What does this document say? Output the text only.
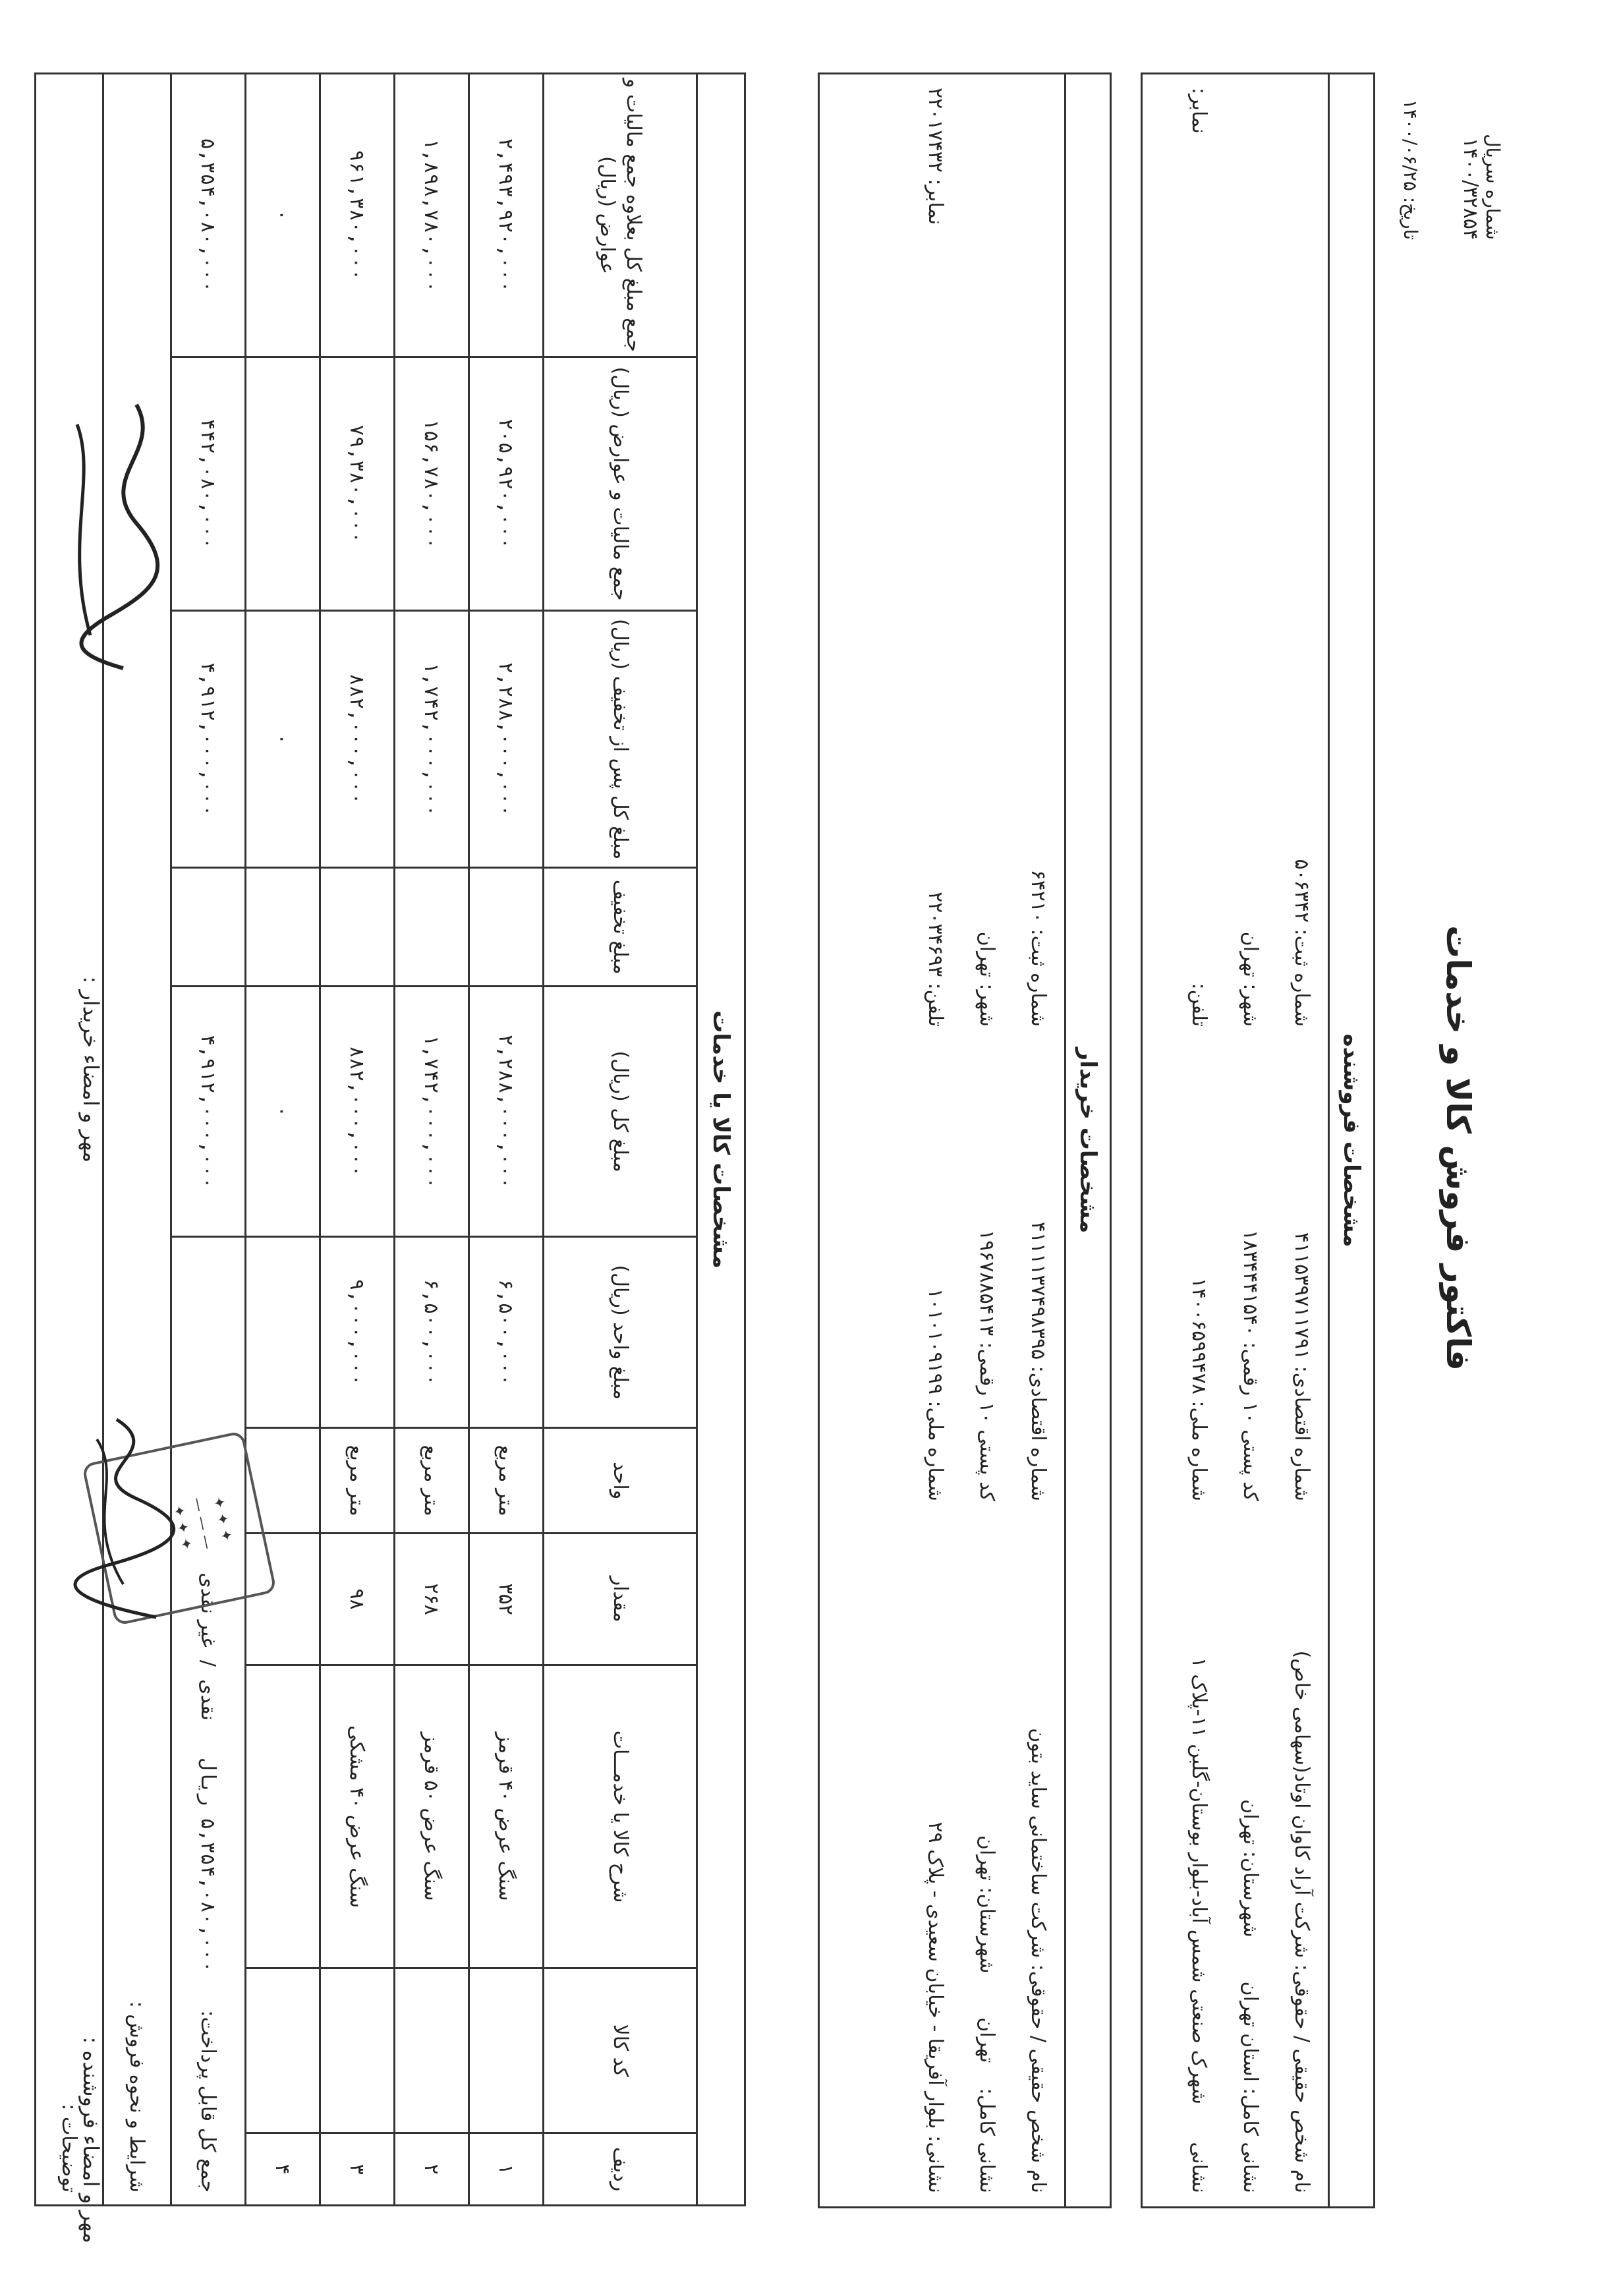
فاکتور فروش کالا و خدمات
شماره سریال
۱۴۰۰/۳۲۸۵۴
تاریخ: ۱۴۰۰/۰۶/۲۵
مشخصات فروشنده
نام شخص حقیقی / حقوقی: شرکت آراد کاوان اوتاد(سهامی خاص)
شماره اقتصادی: ۴۱۱۵۳۹۷۱۱۷۹۱
شماره ثبت: ۵۰۶۳۴۲
نشانی کامل: استان تهران       شهرستان: تهران
کد پستی ۱۰ رقمی: ۱۸۳۴۴۴۱۵۴۰
شهر: تهران
نشانی      شهرک صنعتی شمس آباد-بلوار بوستان-گلبن ۱۱-پلاک ۱
شماره ملی: ۱۴۰۰۶۵۹۹۴۷۸
تلفن:
نمابر:
مشخصات خریدار
نام شخص حقیقی / حقوقی: شرکت ساختمانی ساید بتون
شماره اقتصادی: ۴۱۱۱۱۳۷۴۹۸۳۹۵
شماره ثبت: ۶۴۲۱۰
نشانی کامل:    تهران       شهرستان: تهران
کد پستی ۱۰ رقمی: ۱۹۶۷۸۸۵۴۱۳
شهر: تهران
نشانی: بلوار آفریقا - خیابان سعیدی - پلاک ۲۹
شماره ملی: ۱۰۱۰۱۰۹۱۹۹
تلفن: ۲۲۰۳۴۶۹۳
نمابر: ۲۲۰۱۷۴۳۲
مشخصات کالا یا خدمات										
ردیف	کد کالا	شرح کالا یا خدمـــات	مقدار	واحد	مبلغ واحد (ریال)	مبلغ کل (ریال)	مبلغ تخفیف	مبلغ کل پس از تخفیف (ریال)	جمع مالیات و عوارض (ریال)	جمع مبلغ کل بعلاوه جمع مالیات و عوارض (ریال)
۱		سنگ عرض ۴۰ قرمز	۳۵۲	متر مربع	۶,۵۰۰,۰۰۰	۲,۲۸۸,۰۰۰,۰۰۰		۲,۲۸۸,۰۰۰,۰۰۰	۲۰۵,۹۲۰,۰۰۰	۲,۴۹۳,۹۲۰,۰۰۰
۲		سنگ عرض ۵۰ قرمز	۲۶۸	متر مربع	۶,۵۰۰,۰۰۰	۱,۷۴۲,۰۰۰,۰۰۰		۱,۷۴۲,۰۰۰,۰۰۰	۱۵۶,۷۸۰,۰۰۰	۱,۸۹۸,۷۸۰,۰۰۰
۳		سنگ عرض ۴۰ مشکی	۹۸	متر مربع	۹,۰۰۰,۰۰۰	۸۸۲,۰۰۰,۰۰۰		۸۸۲,۰۰۰,۰۰۰	۷۹,۳۸۰,۰۰۰	۹۶۱,۳۸۰,۰۰۰
۴						۰		۰		۰
جمع کل قابل پرداخت:      ۵,۳۵۴,۰۸۰,۰۰۰ ریال      نقدی  /  غیر نقدی						۴,۹۱۲,۰۰۰,۰۰۰		۴,۹۱۲,۰۰۰,۰۰۰	۴۴۲,۰۸۰,۰۰۰	۵,۳۵۴,۰۸۰,۰۰۰
شرایط و نحوه فروش :										
توضیحات :										
مهر و امضاء فروشنده :
مهر و امضاء خریدار :
✦ ✦ ✦
— — —
✦ ✦ ✦
